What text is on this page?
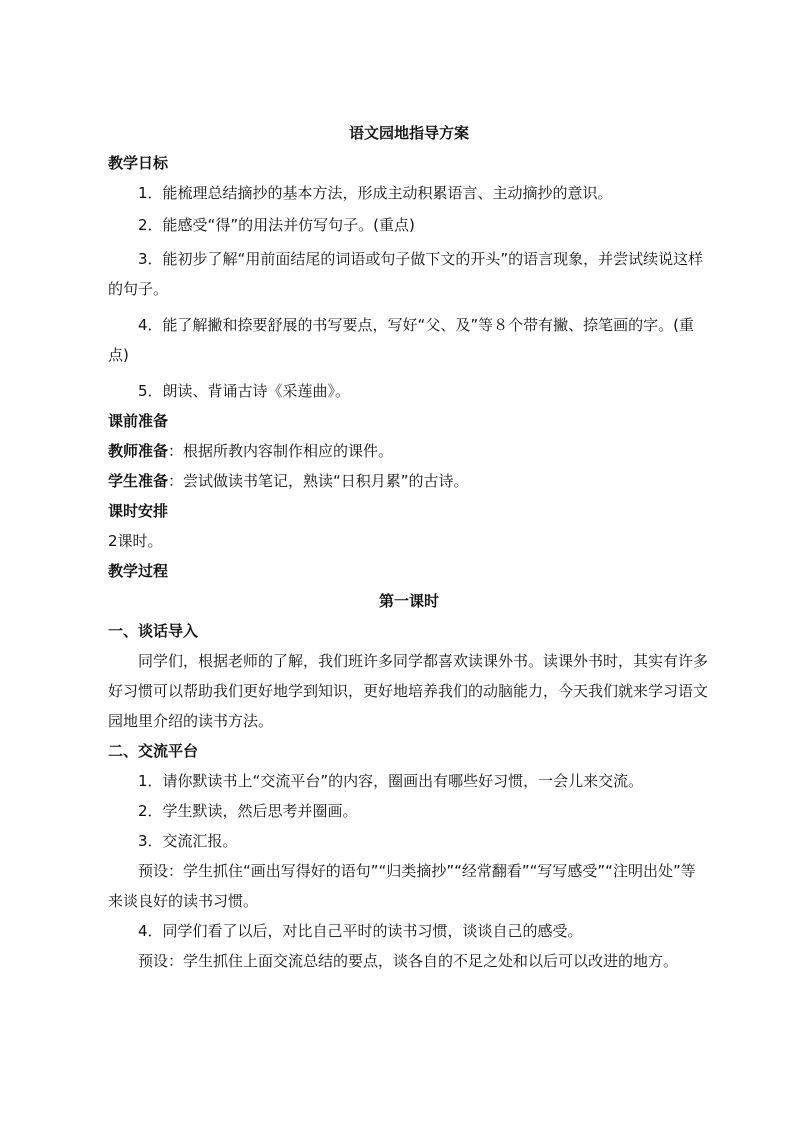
语文园地指导方案

教学日标

1．能梳理总结摘抄的基本方法，形成主动积累语言、主动摘抄的意识。

2．能感受“得”的用法并仿写句子。(重点)

3．能初步了解“用前面结尾的词语或句子做下文的开头”的语言现象，并尝试续说这样的句子。

4．能了解撇和捺要舒展的书写要点，写好“父、及”等８个带有撇、捺笔画的字。(重点)

5．朗读、背诵古诗《采莲曲》。

课前准备

教师准备：根据所教内容制作相应的课件。

学生准备：尝试做读书笔记，熟读“日积月累”的古诗。

课时安排

2课时。

教学过程

第一课时

一、谈话导入

同学们，根据老师的了解，我们班许多同学都喜欢读课外书。读课外书时，其实有许多好习惯可以帮助我们更好地学到知识，更好地培养我们的动脑能力，今天我们就来学习语文园地里介绍的读书方法。

二、交流平台

1．请你默读书上“交流平台”的内容，圈画出有哪些好习惯，一会儿来交流。

2．学生默读，然后思考并圈画。

3．交流汇报。

预设：学生抓住“画出写得好的语句”“归类摘抄”“经常翻看”“写写感受”“注明出处”等来谈良好的读书习惯。

4．同学们看了以后，对比自己平时的读书习惯，谈谈自己的感受。

预设：学生抓住上面交流总结的要点，谈各自的不足之处和以后可以改进的地方。
